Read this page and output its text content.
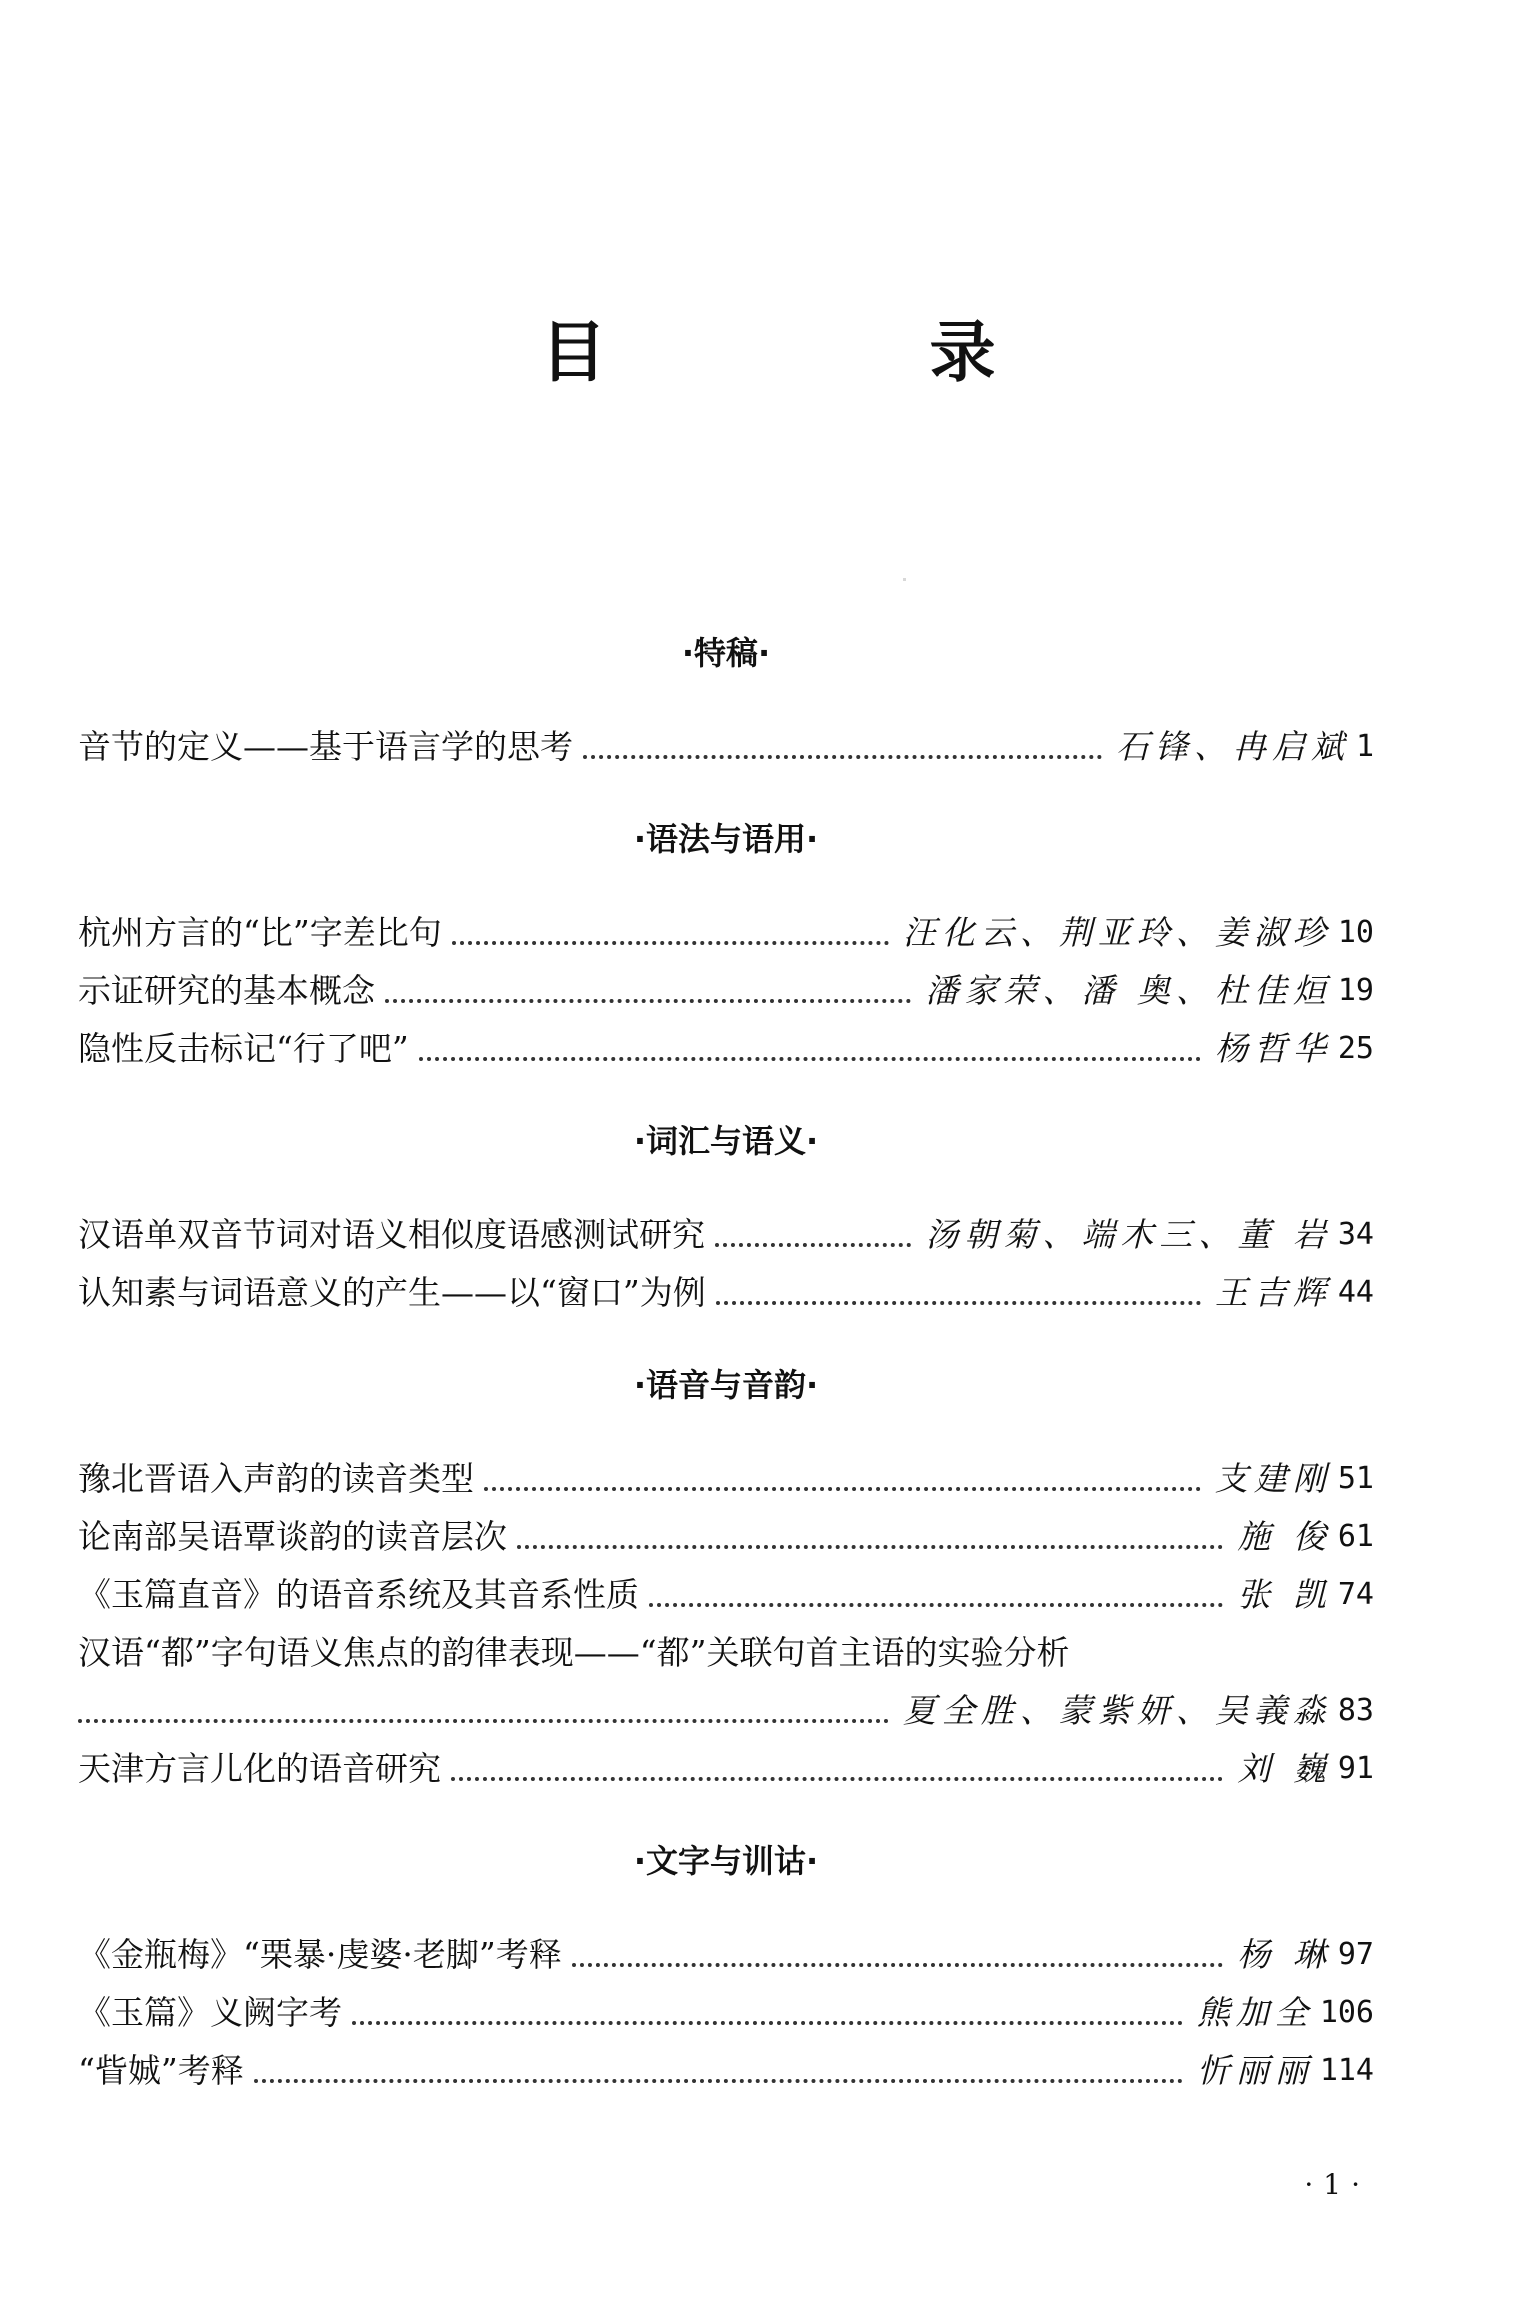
目 录
·特稿·
音节的定义——基于语言学的思考	石锋、冉启斌 1
·语法与语用·
杭州方言的“比”字差比句	汪化云、荆亚玲、姜淑珍 10
示证研究的基本概念	潘家荣、潘 奥、杜佳烜 19
隐性反击标记“行了吧”	杨哲华 25
·词汇与语义·
汉语单双音节词对语义相似度语感测试研究	汤朝菊、端木三、董 岩 34
认知素与词语意义的产生——以“窗口”为例	王吉辉 44
·语音与音韵·
豫北晋语入声韵的读音类型	支建刚 51
论南部吴语覃谈韵的读音层次	施 俊 61
《玉篇直音》的语音系统及其音系性质	张 凯 74
汉语“都”字句语义焦点的韵律表现——“都”关联句首主语的实验分析
夏全胜、蒙紫妍、吴義淼 83
天津方言儿化的语音研究	刘 巍 91
·文字与训诂·
《金瓶梅》“栗暴·虔婆·老脚”考释	杨 琳 97
《玉篇》义阙字考	熊加全 106
“眥娍”考释	忻丽丽 114
·1·
